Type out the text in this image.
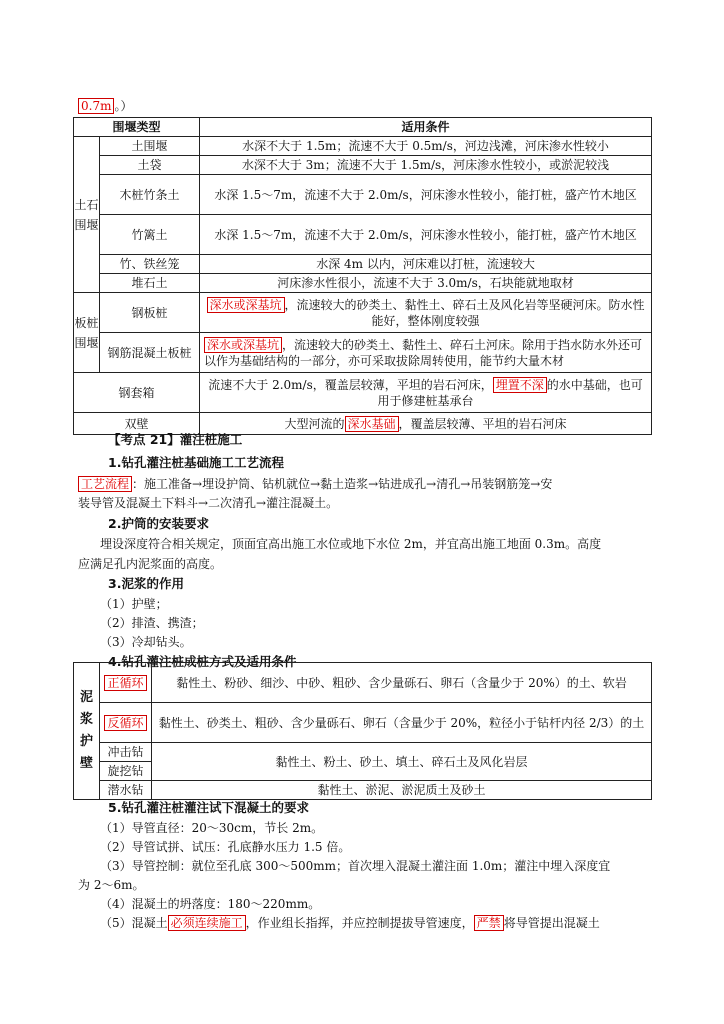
0.7m 。）
围堰类型		适用条件
土石
围堰	土围堰	水深不大于 1.5m；流速不大于 0.5m/s，河边浅滩，河床渗水性较小
	土袋	水深不大于 3m；流速不大于 1.5m/s，河床渗水性较小，或淤泥较浅
	木桩竹条土	水深 1.5～7m，流速不大于 2.0m/s，河床渗水性较小，能打桩，盛产竹木地区
	竹篱土	水深 1.5～7m，流速不大于 2.0m/s，河床渗水性较小，能打桩，盛产竹木地区
	竹、铁丝笼	水深 4m 以内，河床难以打桩，流速较大
	堆石土	河床渗水性很小，流速不大于 3.0m/s，石块能就地取材
板桩
围堰	钢板桩	深水或深基坑 ，流速较大的砂类土、黏性土、碎石土及风化岩等坚硬河床。防水性能好，整体刚度较强
	钢筋混凝土板桩	深水或深基坑 ，流速较大的砂类土、黏性土、碎石土河床。除用于挡水防水外还可以作为基础结构的一部分，亦可采取拔除周转使用，能节约大量木材
钢套箱		流速不大于 2.0m/s，覆盖层较薄，平坦的岩石河床， 埋置不深 的水中基础，也可用于修建桩基承台
双壁		大型河流的 深水基础 ，覆盖层较薄、平坦的岩石河床
【考点 21】灌注桩施工
1.钻孔灌注桩基础施工工艺流程
工艺流程 ：施工准备→埋设护筒、钻机就位→黏土造浆→钻进成孔→清孔→吊装钢筋笼→安
装导管及混凝土下料斗→二次清孔→灌注混凝土。
2.护筒的安装要求
埋设深度符合相关规定，顶面宜高出施工水位或地下水位 2m，并宜高出施工地面 0.3m。高度
应满足孔内泥浆面的高度。
3.泥浆的作用
（1）护壁；
（2）排渣、携渣；
（3）冷却钻头。
4.钻孔灌注桩成桩方式及适用条件
泥浆护壁	正循环	黏性土、粉砂、细沙、中砂、粗砂、含少量砾石、卵石（含量少于 20%）的土、软岩
	反循环	黏性土、砂类土、粗砂、含少量砾石、卵石（含量少于 20%，粒径小于钻杆内径 2/3）的土
	冲击钻	黏性土、粉土、砂土、填土、碎石土及风化岩层
	旋挖钻	
	潜水钻	黏性土、淤泥、淤泥质土及砂土
5.钻孔灌注桩灌注试下混凝土的要求
（1）导管直径：20～30cm，节长 2m。
（2）导管试拼、试压：孔底静水压力 1.5 倍。
（3）导管控制：就位至孔底 300～500mm；首次埋入混凝土灌注面 1.0m；灌注中埋入深度宜
为 2～6m。
（4）混凝土的坍落度：180～220mm。
（5）混凝土 必须连续施工 ，作业组长指挥，并应控制提拔导管速度， 严禁 将导管提出混凝土
